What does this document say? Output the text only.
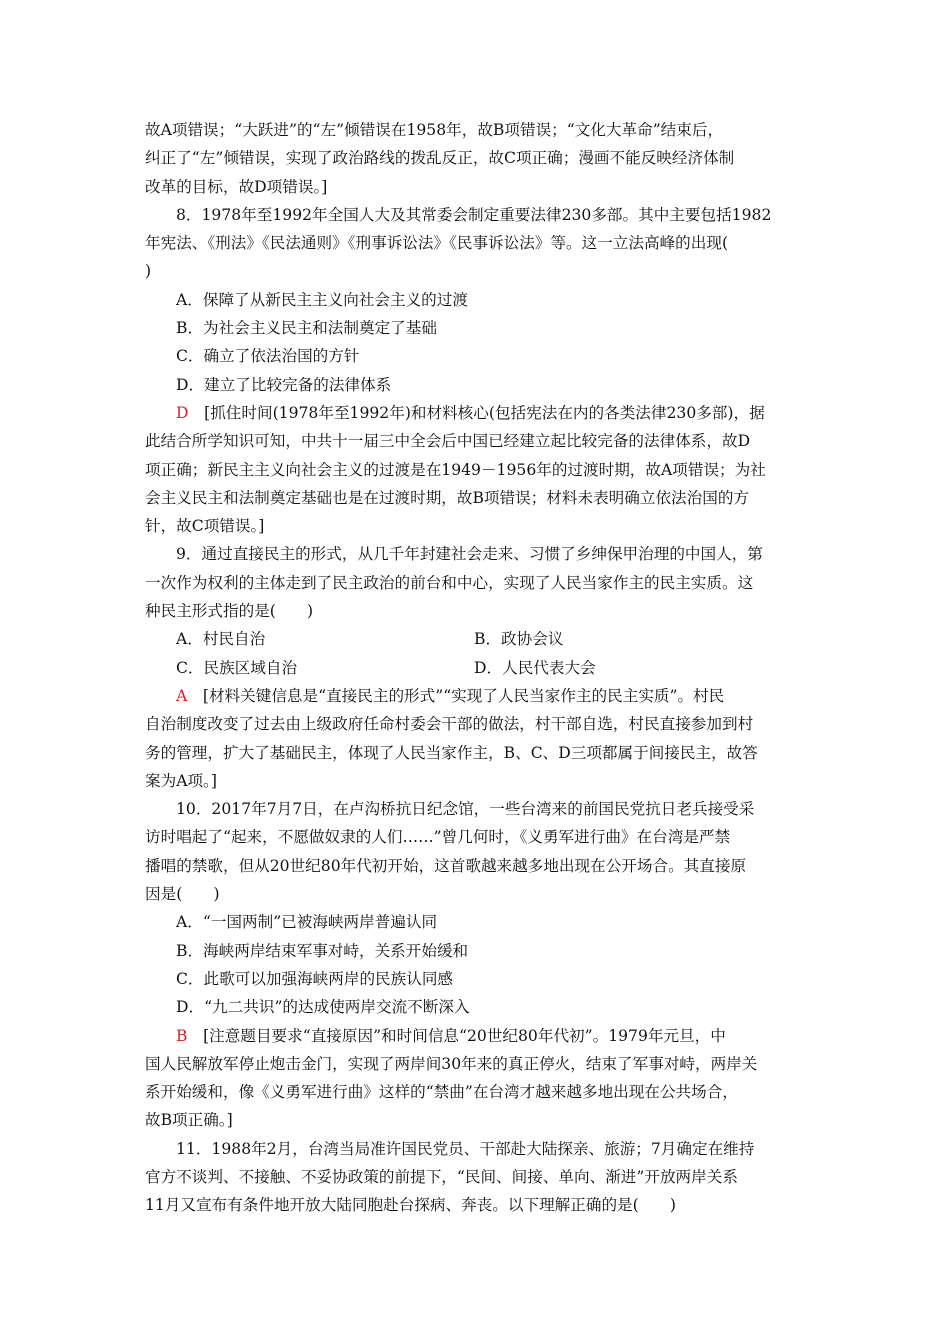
故A项错误；“大跃进”的“左”倾错误在1958年，故B项错误；“文化大革命”结束后，
纠正了“左”倾错误，实现了政治路线的拨乱反正，故C项正确；漫画不能反映经济体制
改革的目标，故D项错误。]
8．1978年至1992年全国人大及其常委会制定重要法律230多部。其中主要包括1982
年宪法、《刑法》《民法通则》《刑事诉讼法》《民事诉讼法》等。这一立法高峰的出现(
)
A．保障了从新民主主义向社会主义的过渡
B．为社会主义民主和法制奠定了基础
C．确立了依法治国的方针
D．建立了比较完备的法律体系
D　 [抓住时间(1978年至1992年)和材料核心(包括宪法在内的各类法律230多部)，据
此结合所学知识可知，中共十一届三中全会后中国已经建立起比较完备的法律体系，故D
项正确；新民主主义向社会主义的过渡是在1949－1956年的过渡时期，故A项错误；为社
会主义民主和法制奠定基础也是在过渡时期，故B项错误；材料未表明确立依法治国的方
针，故C项错误。]
9．通过直接民主的形式，从几千年封建社会走来、习惯了乡绅保甲治理的中国人，第
一次作为权利的主体走到了民主政治的前台和中心，实现了人民当家作主的民主实质。这
种民主形式指的是(　　)
A．村民自治	B．政协会议
C．民族区域自治	D．人民代表大会
A　 [材料关键信息是“直接民主的形式”“实现了人民当家作主的民主实质”。村民
自治制度改变了过去由上级政府任命村委会干部的做法，村干部自选，村民直接参加到村
务的管理，扩大了基础民主，体现了人民当家作主，B、C、D三项都属于间接民主，故答
案为A项。]
10．2017年7月7日，在卢沟桥抗日纪念馆，一些台湾来的前国民党抗日老兵接受采
访时唱起了“起来，不愿做奴隶的人们……”曾几何时，《义勇军进行曲》在台湾是严禁
播唱的禁歌，但从20世纪80年代初开始，这首歌越来越多地出现在公开场合。其直接原
因是(　　)
A．“一国两制”已被海峡两岸普遍认同
B．海峡两岸结束军事对峙，关系开始缓和
C．此歌可以加强海峡两岸的民族认同感
D．“九二共识”的达成使两岸交流不断深入
B　 [注意题目要求“直接原因”和时间信息“20世纪80年代初”。1979年元旦，中
国人民解放军停止炮击金门，实现了两岸间30年来的真正停火，结束了军事对峙，两岸关
系开始缓和，像《义勇军进行曲》这样的“禁曲”在台湾才越来越多地出现在公共场合，
故B项正确。]
11．1988年2月，台湾当局准许国民党员、干部赴大陆探亲、旅游；7月确定在维持
官方不谈判、不接触、不妥协政策的前提下，“民间、间接、单向、渐进”开放两岸关系
11月又宣布有条件地开放大陆同胞赴台探病、奔丧。以下理解正确的是(　　)
